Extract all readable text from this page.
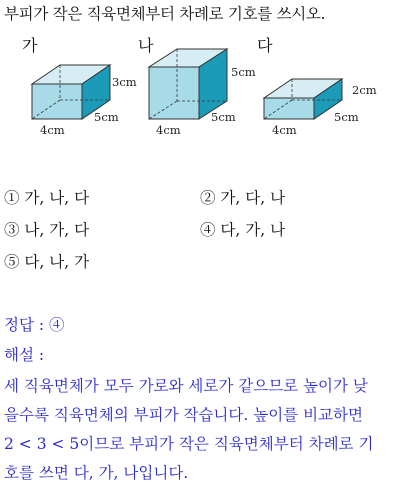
부피가 작은 직육면체부터 차례로 기호를 쓰시오.
가	나	다
3cm
5cm
4cm
5cm
5cm
4cm
2cm
5cm
4cm
① 가, 나, 다	② 가, 다, 나
③ 나, 가, 다	④ 다, 가, 나
⑤ 다, 나, 가
정답 : ④
해설 :
세 직육면체가 모두 가로와 세로가 같으므로 높이가 낮
을수록 직육면체의 부피가 작습니다. 높이를 비교하면
2 < 3 < 5이므로 부피가 작은 직육면체부터 차례로 기
호를 쓰면 다, 가, 나입니다.
